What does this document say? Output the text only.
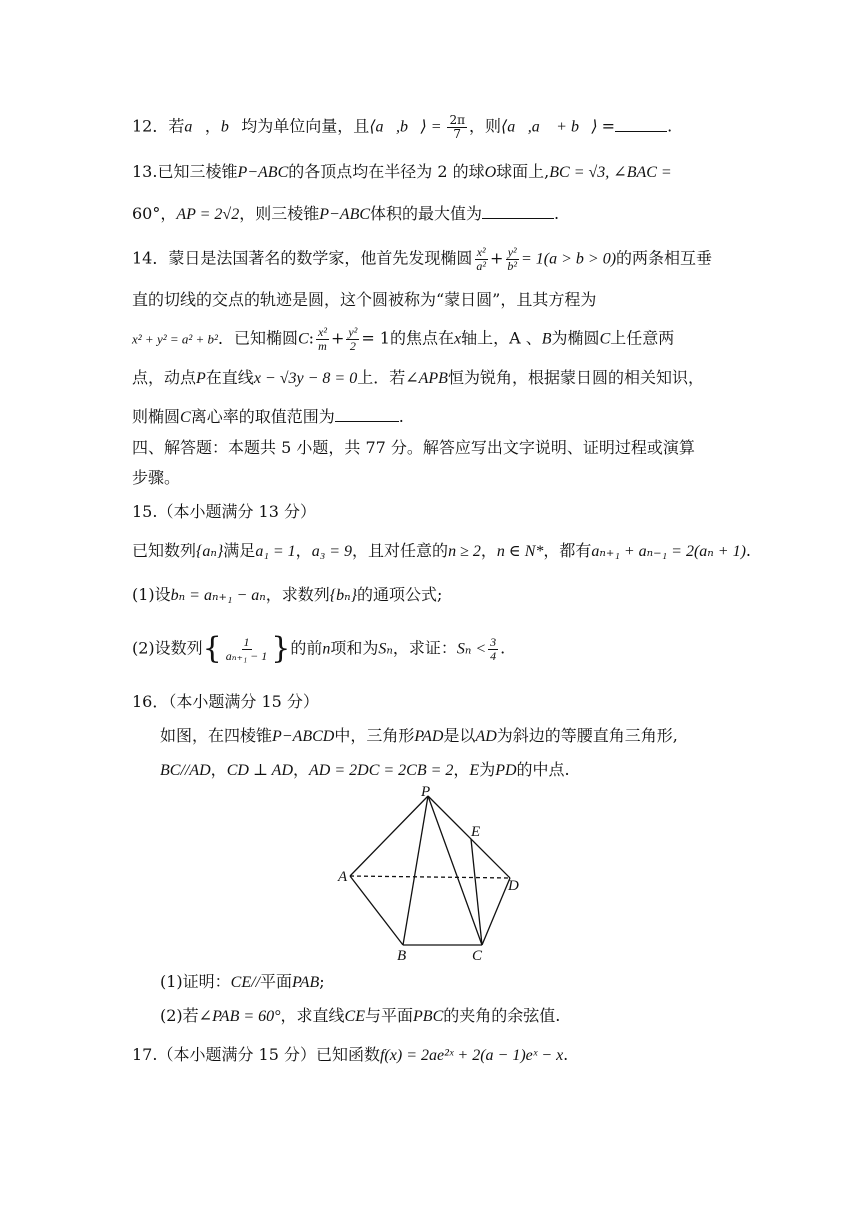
12．若a⃗，b⃗均为单位向量，且⟨a⃗,b⃗⟩ = $\frac{2\pi}{7}$ ，则⟨a⃗,a⃗ + b⃗⟩ =	.
13.已知三棱锥P−ABC的各顶点均在半径为 2 的球O球面上,BC = √3, ∠BAC =
60°，AP = 2√2，则三棱锥P−ABC体积的最大值为	.
14．蒙日是法国著名的数学家，他首先发现椭圆 $\frac{\text{x²}}{\text{a²}} + \frac{\text{y²}}{\text{b²}} = 1(a > b > 0)$的两条相互垂
直的切线的交点的轨迹是圆，这个圆被称为“蒙日圆”，且其方程为
x² + y² = a² + b²．已知椭圆C: $\frac{\text{x²}}{m} + \frac{\text{y²}}{2} = 1$的焦点在x轴上，A 、B为椭圆C上任意两
点，动点P在直线x − √3y − 8 = 0上．若∠APB恒为锐角，根据蒙日圆的相关知识，
则椭圆C离心率的取值范围为	.
四、解答题：本题共 5 小题，共 77 分。解答应写出文字说明、证明过程或演算
步骤。
15.（本小题满分 13 分）
已知数列{aₙ}满足a₁ = 1，a₃ = 9，且对任意的n ≥ 2，n ∈ N*，都有aₙ₊₁ + aₙ₋₁ = 2(aₙ + 1).
(1)设bₙ = aₙ₊₁ − aₙ，求数列{bₙ}的通项公式;
(2)设数列{ $\frac{1}{\text{aₙ₊₁ − 1}}$ }的前n项和为Sₙ，求证：$S_n < \frac{3}{4}$ .
16．（本小题满分 15 分）
如图，在四棱锥P−ABCD中，三角形PAD是以AD为斜边的等腰直角三角形,
BC//AD，CD ⊥ AD，AD = 2DC = 2CB = 2，E为PD的中点.
P
E
A
D
B	C
(1)证明：CE//平面PAB;
(2)若∠PAB = 60°，求直线CE与平面PBC的夹角的余弦值.
17.（本小题满分 15 分）已知函数f(x) = 2ae²ˣ + 2(a − 1)eˣ − x.
